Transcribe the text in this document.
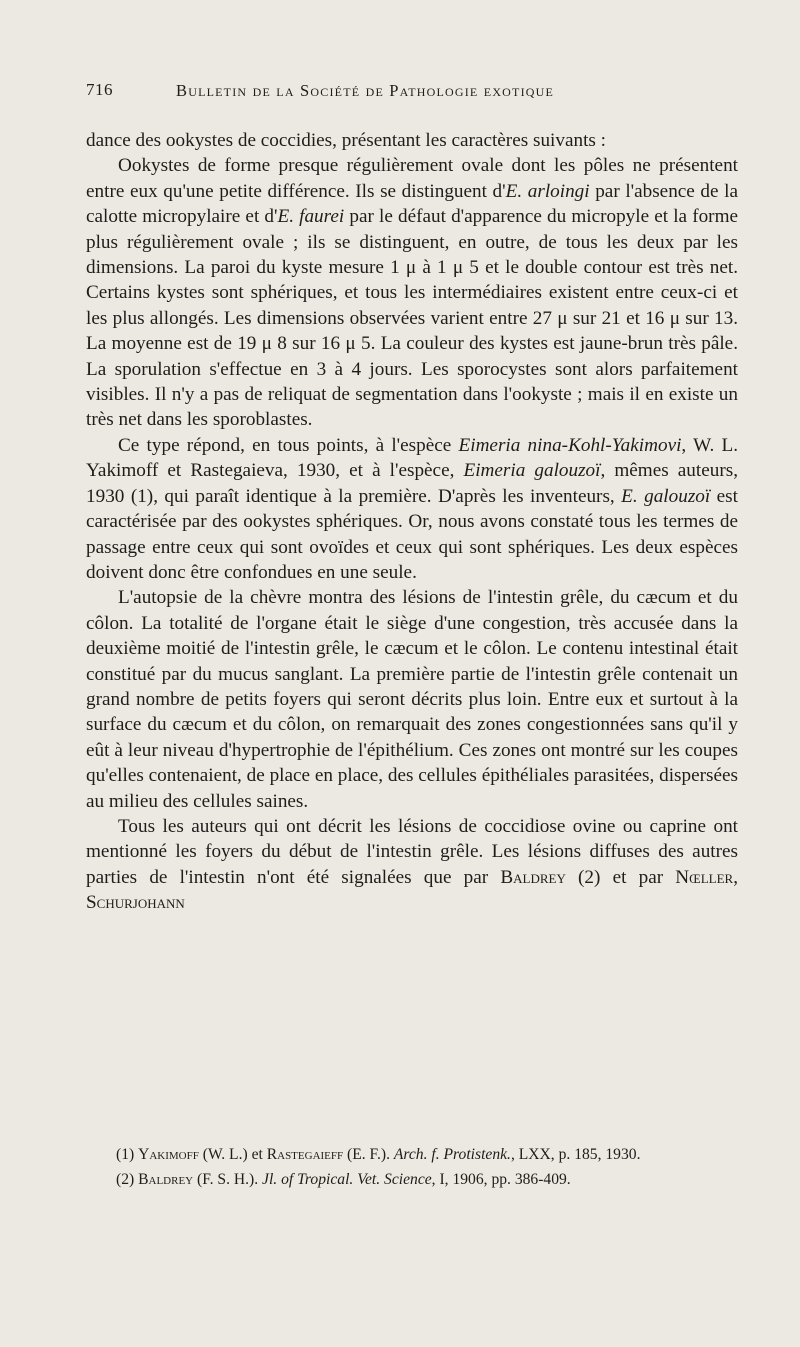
716	Bulletin de la Société de Pathologie exotique

dance des ookystes de coccidies, présentant les caractères suivants :

Ookystes de forme presque régulièrement ovale dont les pôles ne présentent entre eux qu'une petite différence. Ils se distinguent d'E. arloingi par l'absence de la calotte micropylaire et d'E. faurei par le défaut d'apparence du micropyle et la forme plus régulièrement ovale ; ils se distinguent, en outre, de tous les deux par les dimensions. La paroi du kyste mesure 1 μ à 1 μ 5 et le double contour est très net. Certains kystes sont sphériques, et tous les intermédiaires existent entre ceux-ci et les plus allongés. Les dimensions observées varient entre 27 μ sur 21 et 16 μ sur 13. La moyenne est de 19 μ 8 sur 16 μ 5. La couleur des kystes est jaune-brun très pâle. La sporulation s'effectue en 3 à 4 jours. Les sporocystes sont alors parfaitement visibles. Il n'y a pas de reliquat de segmentation dans l'ookyste ; mais il en existe un très net dans les sporoblastes.

Ce type répond, en tous points, à l'espèce Eimeria nina-Kohl-Yakimovi, W. L. Yakimoff et Rastegaieva, 1930, et à l'espèce, Eimeria galouzoï, mêmes auteurs, 1930 (1), qui paraît identique à la première. D'après les inventeurs, E. galouzoï est caractérisée par des ookystes sphériques. Or, nous avons constaté tous les termes de passage entre ceux qui sont ovoïdes et ceux qui sont sphériques. Les deux espèces doivent donc être confondues en une seule.

L'autopsie de la chèvre montra des lésions de l'intestin grêle, du cæcum et du côlon. La totalité de l'organe était le siège d'une congestion, très accusée dans la deuxième moitié de l'intestin grêle, le cæcum et le côlon. Le contenu intestinal était constitué par du mucus sanglant. La première partie de l'intestin grêle contenait un grand nombre de petits foyers qui seront décrits plus loin. Entre eux et surtout à la surface du cæcum et du côlon, on remarquait des zones congestionnées sans qu'il y eût à leur niveau d'hypertrophie de l'épithélium. Ces zones ont montré sur les coupes qu'elles contenaient, de place en place, des cellules épithéliales parasitées, dispersées au milieu des cellules saines.

Tous les auteurs qui ont décrit les lésions de coccidiose ovine ou caprine ont mentionné les foyers du début de l'intestin grêle. Les lésions diffuses des autres parties de l'intestin n'ont été signalées que par Baldrey (2) et par Nœller, Schurjohann

(1) Yakimoff (W. L.) et Rastegaieff (E. F.). Arch. f. Protistenk., LXX, p. 185, 1930.

(2) Baldrey (F. S. H.). Jl. of Tropical. Vet. Science, I, 1906, pp. 386-409.
